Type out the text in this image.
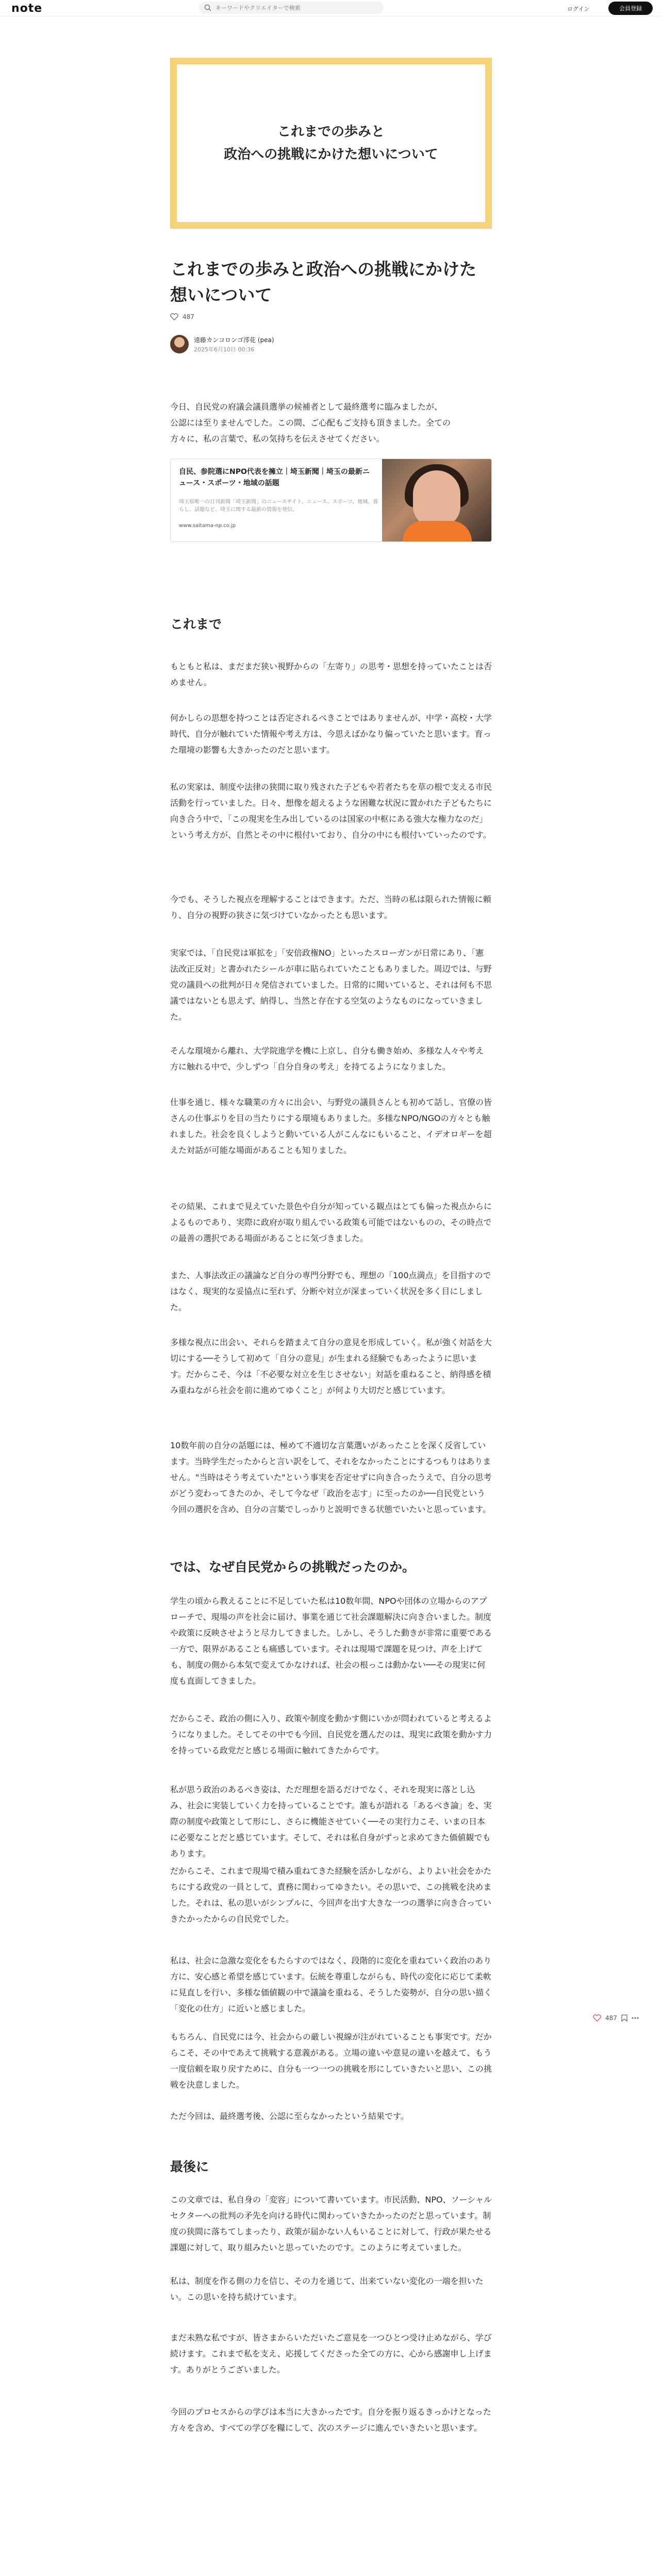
note
キーワードやクリエイターで検索	ログイン	会員登録
これまでの歩みと
政治への挑戦にかけた想いについて
これまでの歩みと政治への挑戦にかけた想いについて
487
遠藤カンコロンゴ澪花 (pea)
2025年6月10日 00:36
今日、自民党の府議会議員選挙の候補者として最終選考に臨みましたが、
公認には至りませんでした。この間、ご心配もご支持も頂きました。全ての
方々に、私の言葉で、私の気持ちを伝えさせてください。
自民、参院選にNPO代表を擁立｜埼玉新聞｜埼玉の最新ニュース・スポーツ・地域の話題
埼玉県唯一の日刊新聞「埼玉新聞」のニュースサイト。ニュース、スポーツ、地域、暮らし、話題など、埼玉に関する最新の情報を発信。
www.saitama-np.co.jp
これまで
もともと私は、まだまだ狭い視野からの「左寄り」の思考・思想を持っていたことは否めません。
何かしらの思想を持つことは否定されるべきことではありませんが、中学・高校・大学時代、自分が触れていた情報や考え方は、今思えばかなり偏っていたと思います。育った環境の影響も大きかったのだと思います。
私の実家は、制度や法律の狭間に取り残された子どもや若者たちを草の根で支える市民活動を行っていました。日々、想像を超えるような困難な状況に置かれた子どもたちに向き合う中で、「この現実を生み出しているのは国家の中枢にある強大な権力なのだ」という考え方が、自然とその中に根付いており、自分の中にも根付いていったのです。
今でも、そうした視点を理解することはできます。ただ、当時の私は限られた情報に頼り、自分の視野の狭さに気づけていなかったとも思います。
実家では、「自民党は軍拡を」「安倍政権NO」といったスローガンが日常にあり、「憲法改正反対」と書かれたシールが車に貼られていたこともありました。周辺では、与野党の議員への批判が日々発信されていました。日常的に聞いていると、それは何も不思議ではないとも思えず、納得し、当然と存在する空気のようなものになっていきました。
そんな環境から離れ、大学院進学を機に上京し、自分も働き始め、多様な人々や考え方に触れる中で、少しずつ「自分自身の考え」を持てるようになりました。
仕事を通じ、様々な職業の方々に出会い、与野党の議員さんとも初めて話し、官僚の皆さんの仕事ぶりを目の当たりにする環境もありました。多様なNPO/NGOの方々とも触れました。社会を良くしようと動いている人がこんなにもいること、イデオロギーを超えた対話が可能な場面があることも知りました。
その結果、これまで見えていた景色や自分が知っている観点はとても偏った視点からによるものであり、実際に政府が取り組んでいる政策も可能ではないものの、その時点での最善の選択である場面があることに気づきました。
また、人事法改正の議論など自分の専門分野でも、理想の「100点満点」を目指すのではなく、現実的な妥協点に至れず、分断や対立が深まっていく状況を多く目にしました。
多様な視点に出会い、それらを踏まえて自分の意見を形成していく。私が強く対話を大切にする──そうして初めて「自分の意見」が生まれる経験でもあったように思います。だからこそ、今は「不必要な対立を生じさせない」対話を重ねること、納得感を積み重ねながら社会を前に進めてゆくこと」が何より大切だと感じています。
10数年前の自分の話題には、極めて不適切な言葉選いがあったことを深く反省しています。当時学生だったからと言い訳をして、それをなかったことにするつもりはありません。"当時はそう考えていた"という事実を否定せずに向き合ったうえで、自分の思考がどう変わってきたのか、そして今なぜ「政治を志す」に至ったのか──自民党という今回の選択を含め、自分の言葉でしっかりと説明できる状態でいたいと思っています。
では、なぜ自民党からの挑戦だったのか。
学生の頃から教えることに不足していた私は10数年間、NPOや団体の立場からのアプローチで、現場の声を社会に届け、事業を通じて社会課題解決に向き合いました。制度や政策に反映させようと尽力してきました。しかし、そうした動きが非常に重要である一方で、限界があることも痛感しています。それは現場で課題を見つけ、声を上げても、制度の側から本気で変えてかなければ、社会の根っこは動かない──その現実に何度も直面してきました。
だからこそ、政治の側に入り、政策や制度を動かす側にいかが問われていると考えるようになりました。そしてその中でも今回、自民党を選んだのは、現実に政策を動かす力を持っている政党だと感じる場面に触れてきたからです。
私が思う政治のあるべき姿は、ただ理想を語るだけでなく、それを現実に落とし込み、社会に実装していく力を持っていることです。誰もが語れる「あるべき論」を、実際の制度や政策として形にし、さらに機能させていく──その実行力こそ、いまの日本に必要なことだと感じています。そして、それは私自身がずっと求めてきた価値観でもあります。
だからこそ、これまで現場で積み重ねてきた経験を活かしながら、よりよい社会をかたちにする政党の一員として、責務に関わってゆきたい。その思いで、この挑戦を決めました。それは、私の思いがシンプルに、今回声を出す大きな一つの選挙に向き合っていきたかったからの自民党でした。
私は、社会に急激な変化をもたらすのではなく、段階的に変化を重ねていく政治のあり方に、安心感と希望を感じています。伝統を尊重しながらも、時代の変化に応じて柔軟に見直しを行い、多様な価値観の中で議論を重ねる、そうした姿勢が、自分の思い描く「変化の仕方」に近いと感じました。
もちろん、自民党には今、社会からの厳しい視線が注がれていることも事実です。だからこそ、その中であえて挑戦する意義がある。立場の違いや意見の違いを越えて、もう一度信頼を取り戻すために、自分も一つ一つの挑戦を形にしていきたいと思い、この挑戦を決意しました。
ただ今回は、最終選考後、公認に至らなかったという結果です。
最後に
この文章では、私自身の「変容」について書いています。市民活動、NPO、ソーシャルセクターへの批判の矛先を向ける時代に関わっていきたかったのだと思っています。制度の狭間に落ちてしまったり、政策が届かない人もいることに対して、行政が果たせる課題に対して、取り組みたいと思っていたのです。このように考えていました。
私は、制度を作る側の力を信じ、その力を通じて、出来ていない変化の一端を担いたい。この思いを持ち続けています。
まだ未熟な私ですが、皆さまからいただいたご意見を一つひとつ受け止めながら、学び続けます。これまで私を支え、応援してくださった全ての方に、心から感謝申し上げます。ありがとうございました。
今回のプロセスからの学びは本当に大きかったです。自分を振り返るきっかけとなった方々を含め、すべての学びを糧にして、次のステージに進んでいきたいと思います。
487
